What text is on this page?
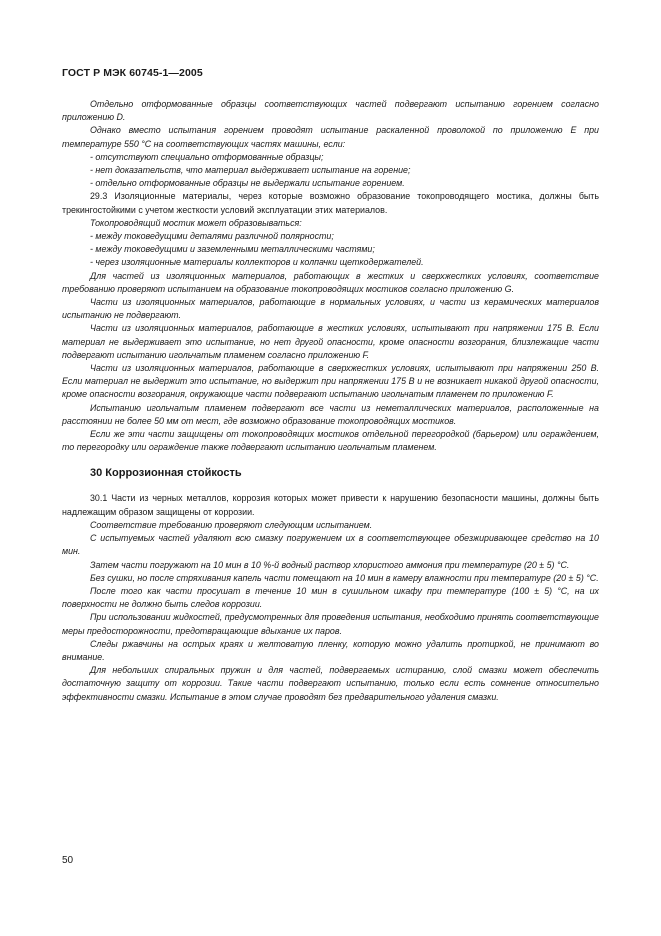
ГОСТ Р МЭК 60745-1—2005

Отдельно отформованные образцы соответствующих частей подвергают испытанию горением согласно приложению D.

Однако вместо испытания горением проводят испытание раскаленной проволокой по приложению Е при температуре 550 °С на соответствующих частях машины, если:

- отсутствуют специально отформованные образцы;

- нет доказательств, что материал выдерживает испытание на горение;

- отдельно отформованные образцы не выдержали испытание горением.

29.3 Изоляционные материалы, через которые возможно образование токопроводящего мостика, должны быть трекингостойкими с учетом жесткости условий эксплуатации этих материалов.

Токопроводящий мостик может образовываться:

- между токоведущими деталями различной полярности;

- между токоведущими и заземленными металлическими частями;

- через изоляционные материалы коллекторов и колпачки щеткодержателей.

Для частей из изоляционных материалов, работающих в жестких и сверхжестких условиях, соответствие требованию проверяют испытанием на образование токопроводящих мостиков согласно приложению G.

Части из изоляционных материалов, работающие в нормальных условиях, и части из керамических материалов испытанию не подвергают.

Части из изоляционных материалов, работающие в жестких условиях, испытывают при напряжении 175 В. Если материал не выдерживает это испытание, но нет другой опасности, кроме опасности возгорания, близлежащие части подвергают испытанию игольчатым пламенем согласно приложению F.

Части из изоляционных материалов, работающие в сверхжестких условиях, испытывают при напряжении 250 В. Если материал не выдержит это испытание, но выдержит при напряжении 175 В и не возникает никакой другой опасности, кроме опасности возгорания, окружающие части подвергают испытанию игольчатым пламенем по приложению F.

Испытанию игольчатым пламенем подвергают все части из неметаллических материалов, расположенные на расстоянии не более 50 мм от мест, где возможно образование токопроводящих мостиков.

Если же эти части защищены от токопроводящих мостиков отдельной перегородкой (барьером) или ограждением, то перегородку или ограждение также подвергают испытанию игольчатым пламенем.

30 Коррозионная стойкость

30.1 Части из черных металлов, коррозия которых может привести к нарушению безопасности машины, должны быть надлежащим образом защищены от коррозии.

Соответствие требованию проверяют следующим испытанием.

С испытуемых частей удаляют всю смазку погружением их в соответствующее обезжиривающее средство на 10 мин.

Затем части погружают на 10 мин в 10 %-й водный раствор хлористого аммония при температуре (20 ± 5) °С.

Без сушки, но после стряхивания капель части помещают на 10 мин в камеру влажности при температуре (20 ± 5) °С.

После того как части просушат в течение 10 мин в сушильном шкафу при температуре (100 ± 5) °С, на их поверхности не должно быть следов коррозии.

При использовании жидкостей, предусмотренных для проведения испытания, необходимо принять соответствующие меры предосторожности, предотвращающие вдыхание их паров.

Следы ржавчины на острых краях и желтоватую пленку, которую можно удалить протиркой, не принимают во внимание.

Для небольших спиральных пружин и для частей, подвергаемых истиранию, слой смазки может обеспечить достаточную защиту от коррозии. Такие части подвергают испытанию, только если есть сомнение относительно эффективности смазки. Испытание в этом случае проводят без предварительного удаления смазки.

50
